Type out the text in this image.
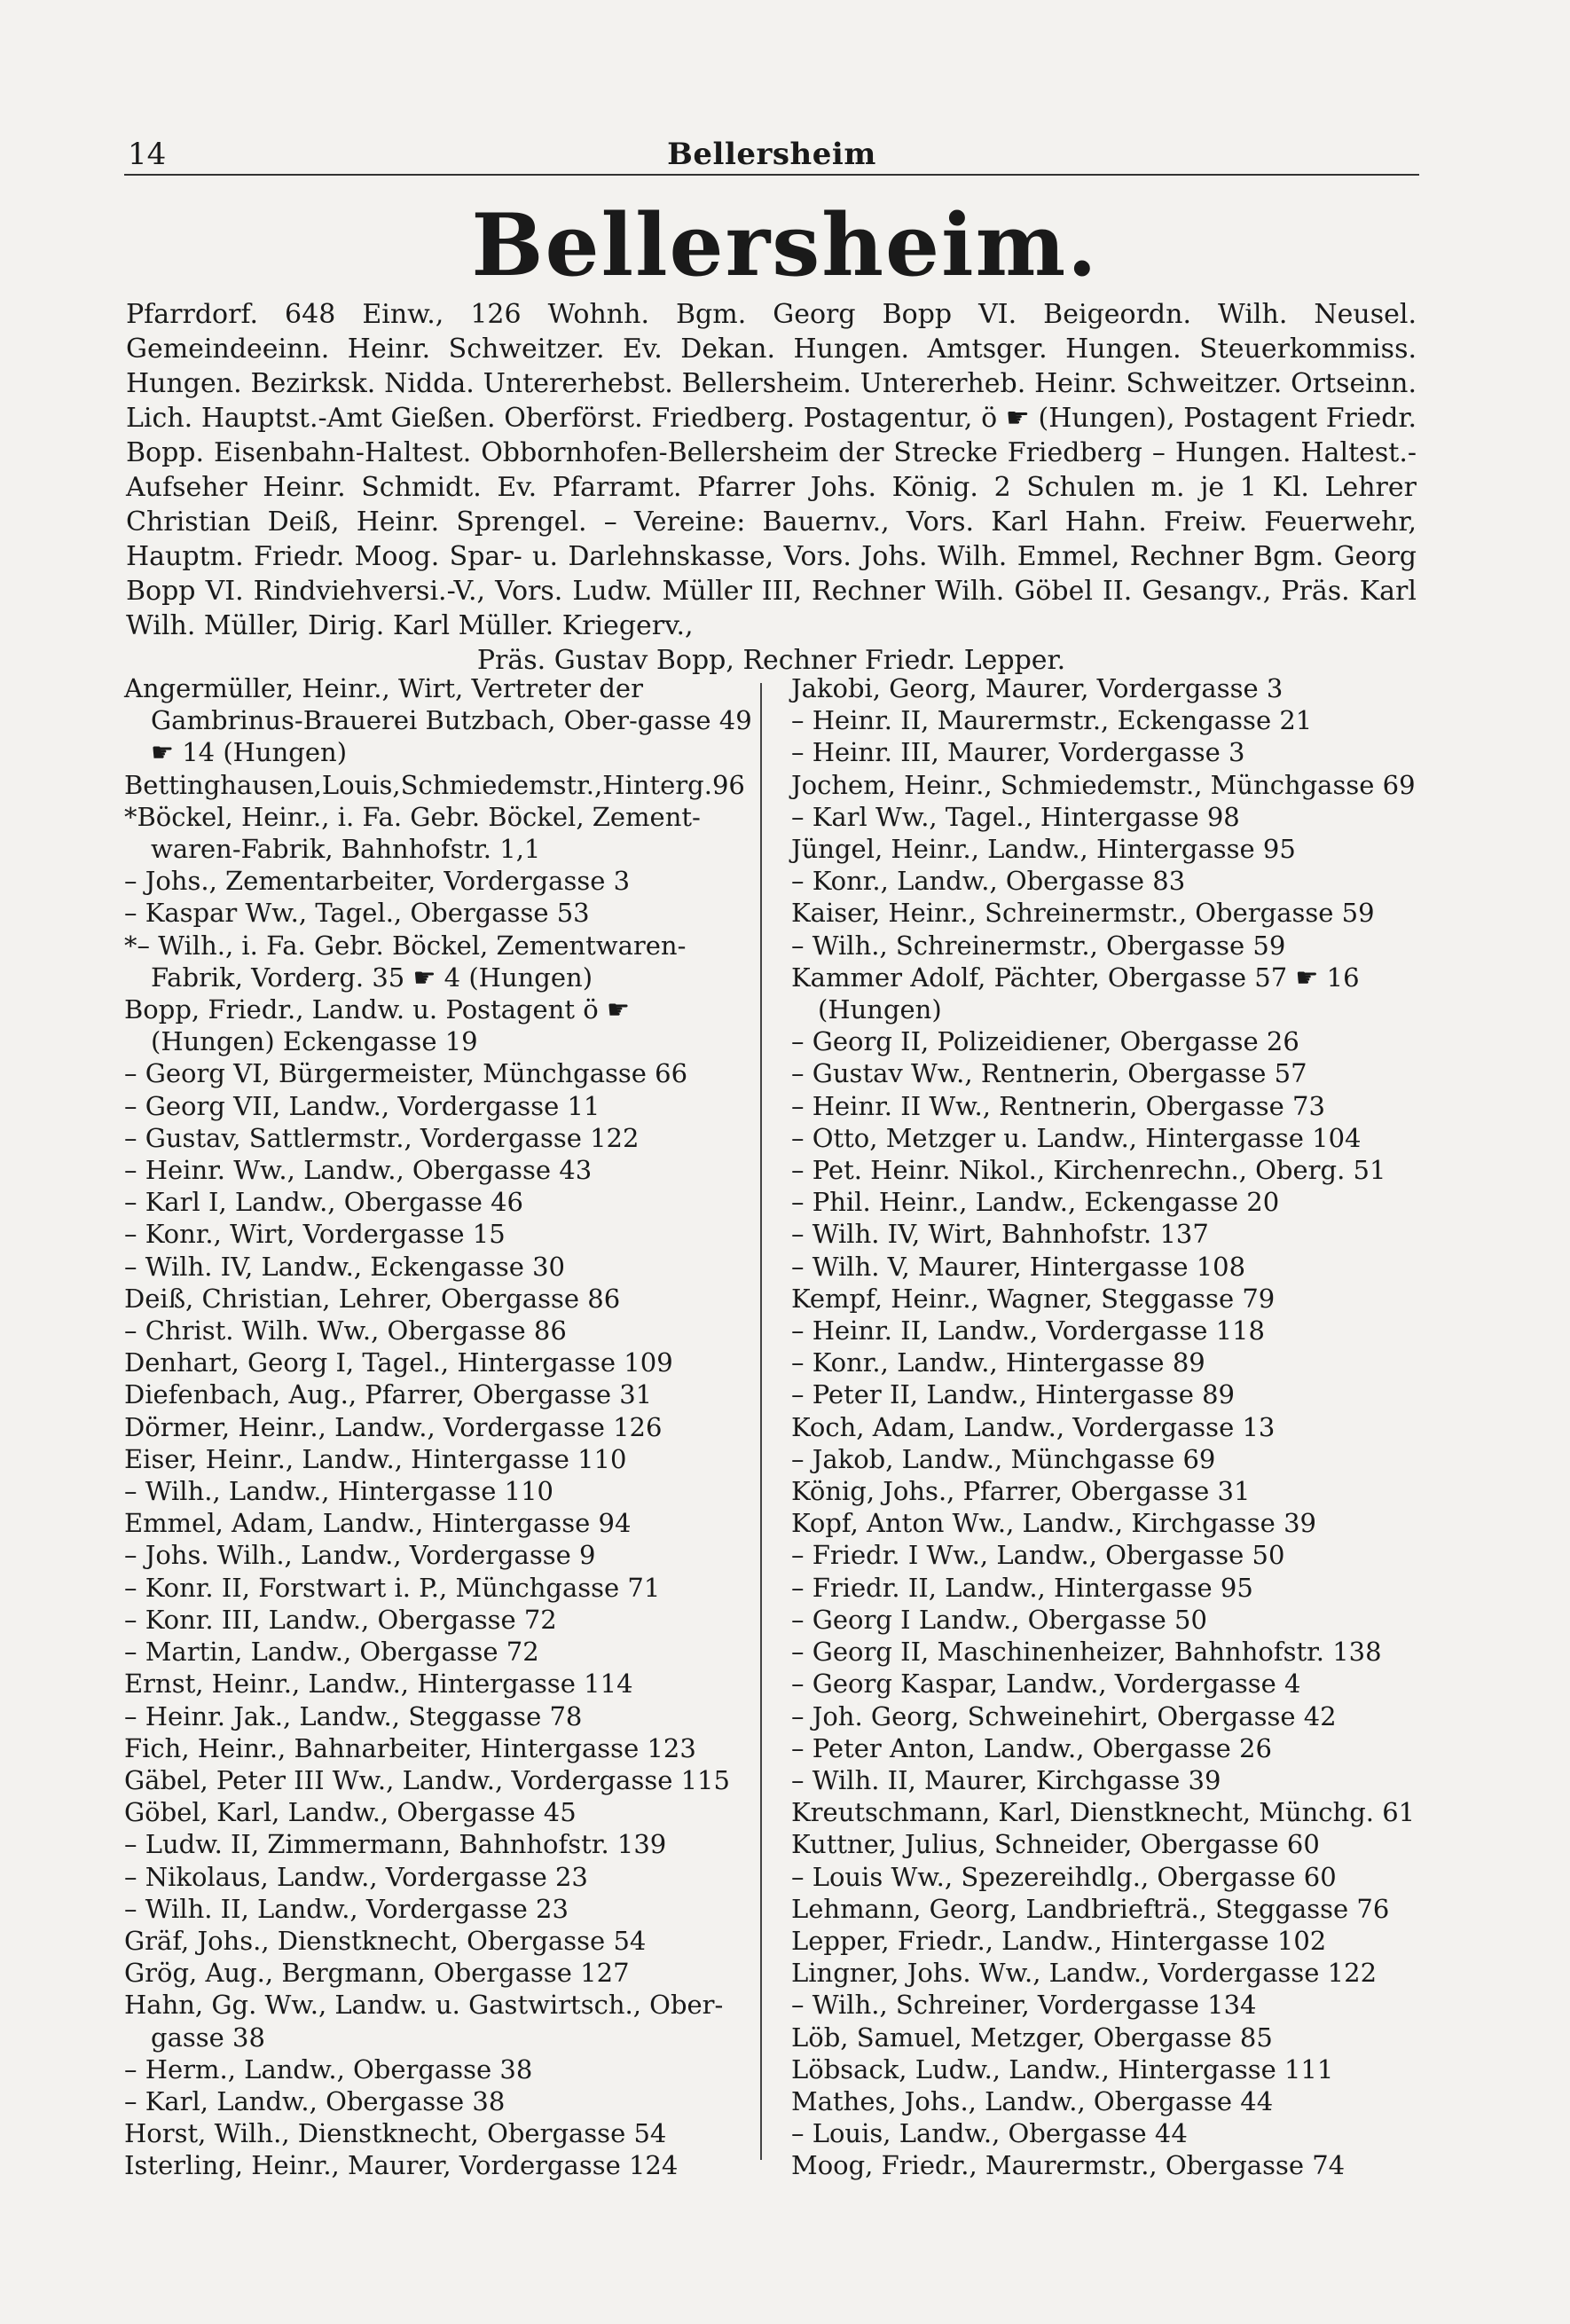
14	Bellersheim
Bellersheim.

Pfarrdorf. 648 Einw., 126 Wohnh. Bgm. Georg Bopp VI. Beigeordn. Wilh. Neusel. Gemeindeeinn. Heinr. Schweitzer. Ev. Dekan. Hungen. Amtsger. Hungen. Steuerkommiss. Hungen. Bezirksk. Nidda. Untererhebst. Bellersheim. Untererheb. Heinr. Schweitzer. Ortseinn. Lich. Hauptst.-Amt Gießen. Oberförst. Friedberg. Postagentur, ö ☛ (Hungen), Postagent Friedr. Bopp. Eisenbahn-Haltest. Obbornhofen-Bellersheim der Strecke Friedberg – Hungen. Haltest.-Aufseher Heinr. Schmidt. Ev. Pfarramt. Pfarrer Johs. König. 2 Schulen m. je 1 Kl. Lehrer Christian Deiß, Heinr. Sprengel. – Vereine: Bauernv., Vors. Karl Hahn. Freiw. Feuerwehr, Hauptm. Friedr. Moog. Spar- u. Darlehnskasse, Vors. Johs. Wilh. Emmel, Rechner Bgm. Georg Bopp VI. Rindviehversi.-V., Vors. Ludw. Müller III, Rechner Wilh. Göbel II. Gesangv., Präs. Karl Wilh. Müller, Dirig. Karl Müller. Kriegerv.,
Präs. Gustav Bopp, Rechner Friedr. Lepper.

Angermüller, Heinr., Wirt, Vertreter der Gambrinus-Brauerei Butzbach, Ober-gasse 49 ☛ 14 (Hungen)

Bettinghausen,Louis,Schmiedemstr.,Hinterg.96

*Böckel, Heinr., i. Fa. Gebr. Böckel, Zement-waren-Fabrik, Bahnhofstr. 1,1

– Johs., Zementarbeiter, Vordergasse 3

– Kaspar Ww., Tagel., Obergasse 53

*– Wilh., i. Fa. Gebr. Böckel, Zementwaren-Fabrik, Vorderg. 35 ☛ 4 (Hungen)

Bopp, Friedr., Landw. u. Postagent ö ☛ (Hungen) Eckengasse 19

– Georg VI, Bürgermeister, Münchgasse 66

– Georg VII, Landw., Vordergasse 11

– Gustav, Sattlermstr., Vordergasse 122

– Heinr. Ww., Landw., Obergasse 43

– Karl I, Landw., Obergasse 46

– Konr., Wirt, Vordergasse 15

– Wilh. IV, Landw., Eckengasse 30

Deiß, Christian, Lehrer, Obergasse 86

– Christ. Wilh. Ww., Obergasse 86

Denhart, Georg I, Tagel., Hintergasse 109

Diefenbach, Aug., Pfarrer, Obergasse 31

Dörmer, Heinr., Landw., Vordergasse 126

Eiser, Heinr., Landw., Hintergasse 110

– Wilh., Landw., Hintergasse 110

Emmel, Adam, Landw., Hintergasse 94

– Johs. Wilh., Landw., Vordergasse 9

– Konr. II, Forstwart i. P., Münchgasse 71

– Konr. III, Landw., Obergasse 72

– Martin, Landw., Obergasse 72

Ernst, Heinr., Landw., Hintergasse 114

– Heinr. Jak., Landw., Steggasse 78

Fich, Heinr., Bahnarbeiter, Hintergasse 123

Gäbel, Peter III Ww., Landw., Vordergasse 115

Göbel, Karl, Landw., Obergasse 45

– Ludw. II, Zimmermann, Bahnhofstr. 139

– Nikolaus, Landw., Vordergasse 23

– Wilh. II, Landw., Vordergasse 23

Gräf, Johs., Dienstknecht, Obergasse 54

Grög, Aug., Bergmann, Obergasse 127

Hahn, Gg. Ww., Landw. u. Gastwirtsch., Ober-gasse 38

– Herm., Landw., Obergasse 38

– Karl, Landw., Obergasse 38

Horst, Wilh., Dienstknecht, Obergasse 54

Isterling, Heinr., Maurer, Vordergasse 124

Jakobi, Georg, Maurer, Vordergasse 3

– Heinr. II, Maurermstr., Eckengasse 21

– Heinr. III, Maurer, Vordergasse 3

Jochem, Heinr., Schmiedemstr., Münchgasse 69

– Karl Ww., Tagel., Hintergasse 98

Jüngel, Heinr., Landw., Hintergasse 95

– Konr., Landw., Obergasse 83

Kaiser, Heinr., Schreinermstr., Obergasse 59

– Wilh., Schreinermstr., Obergasse 59

Kammer Adolf, Pächter, Obergasse 57 ☛ 16 (Hungen)

– Georg II, Polizeidiener, Obergasse 26

– Gustav Ww., Rentnerin, Obergasse 57

– Heinr. II Ww., Rentnerin, Obergasse 73

– Otto, Metzger u. Landw., Hintergasse 104

– Pet. Heinr. Nikol., Kirchenrechn., Oberg. 51

– Phil. Heinr., Landw., Eckengasse 20

– Wilh. IV, Wirt, Bahnhofstr. 137

– Wilh. V, Maurer, Hintergasse 108

Kempf, Heinr., Wagner, Steggasse 79

– Heinr. II, Landw., Vordergasse 118

– Konr., Landw., Hintergasse 89

– Peter II, Landw., Hintergasse 89

Koch, Adam, Landw., Vordergasse 13

– Jakob, Landw., Münchgasse 69

König, Johs., Pfarrer, Obergasse 31

Kopf, Anton Ww., Landw., Kirchgasse 39

– Friedr. I Ww., Landw., Obergasse 50

– Friedr. II, Landw., Hintergasse 95

– Georg I Landw., Obergasse 50

– Georg II, Maschinenheizer, Bahnhofstr. 138

– Georg Kaspar, Landw., Vordergasse 4

– Joh. Georg, Schweinehirt, Obergasse 42

– Peter Anton, Landw., Obergasse 26

– Wilh. II, Maurer, Kirchgasse 39

Kreutschmann, Karl, Dienstknecht, Münchg. 61

Kuttner, Julius, Schneider, Obergasse 60

– Louis Ww., Spezereihdlg., Obergasse 60

Lehmann, Georg, Landbriefträ., Steggasse 76

Lepper, Friedr., Landw., Hintergasse 102

Lingner, Johs. Ww., Landw., Vordergasse 122

– Wilh., Schreiner, Vordergasse 134

Löb, Samuel, Metzger, Obergasse 85

Löbsack, Ludw., Landw., Hintergasse 111

Mathes, Johs., Landw., Obergasse 44

– Louis, Landw., Obergasse 44

Moog, Friedr., Maurermstr., Obergasse 74
